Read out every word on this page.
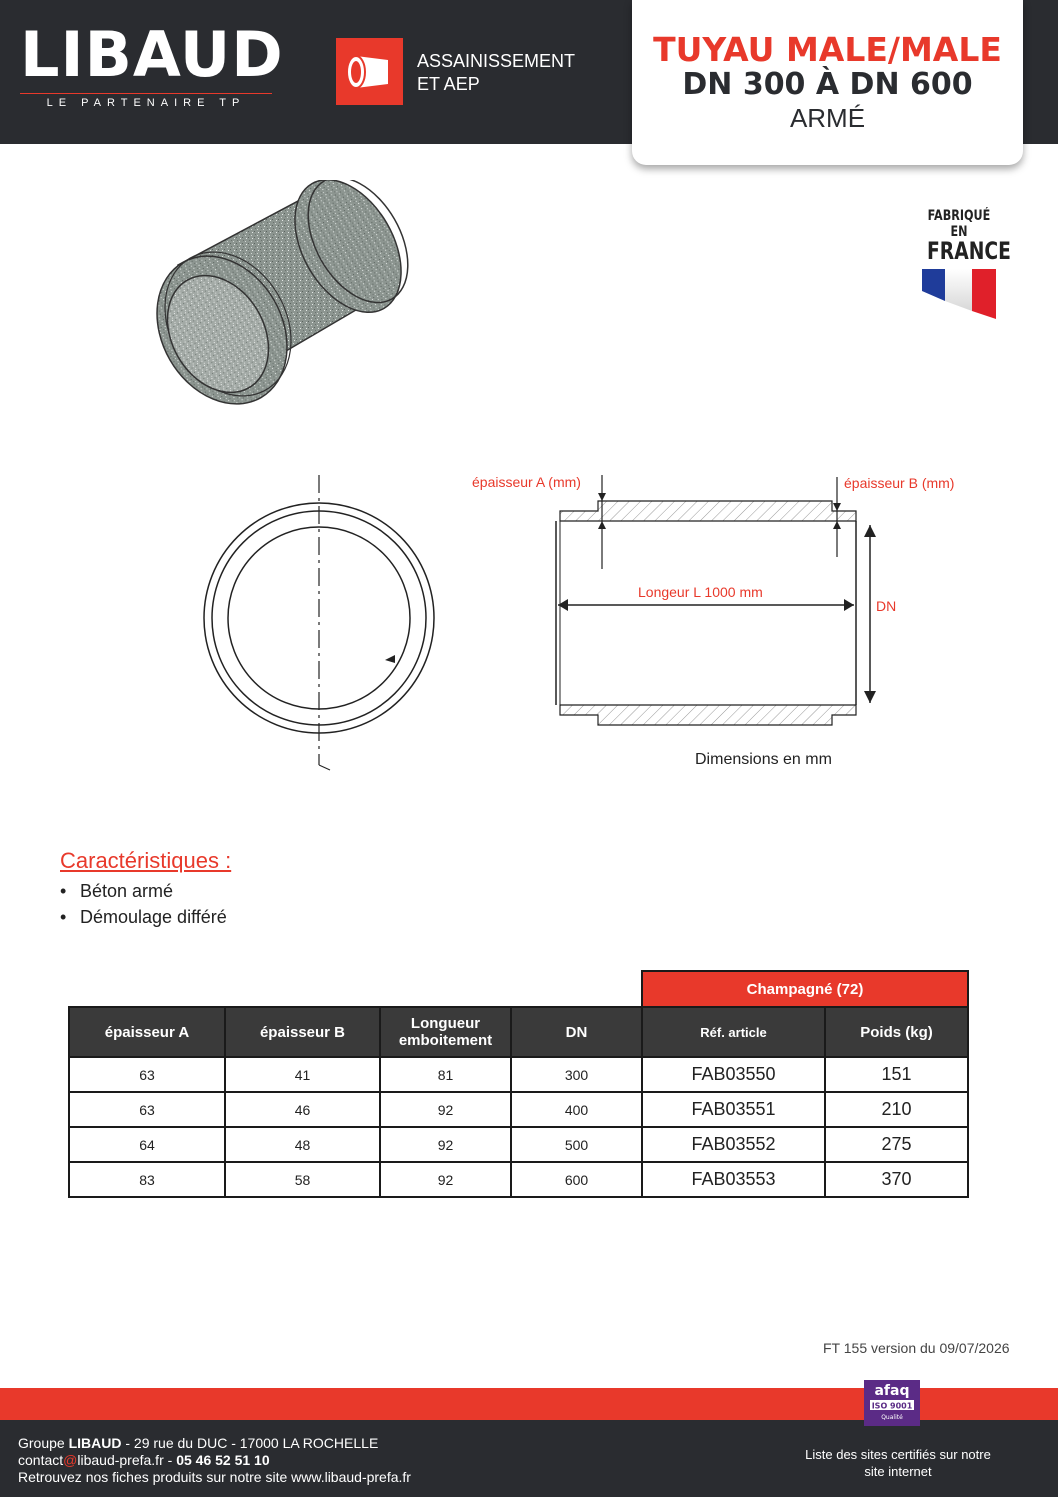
LIBAUD
LE PARTENAIRE TP
ASSAINISSEMENT
ET AEP
TUYAU MALE/MALE
DN 300 À DN 600
ARMÉ
FABRIQUÉ EN
FRANCE
épaisseur A (mm)	épaisseur B (mm)
Longeur L 1000 mm
DN
Dimensions en mm
Caractéristiques :
• Béton armé
• Démoulage différé
				Champagné (72)	
épaisseur A	épaisseur B	Longueur emboitement	DN	Réf. article	Poids (kg)
63	41	81	300	FAB03550	151
63	46	92	400	FAB03551	210
64	48	92	500	FAB03552	275
83	58	92	600	FAB03553	370
FT 155 version du 09/07/2026
Groupe LIBAUD - 29 rue du DUC - 17000 LA ROCHELLE
contact@libaud-prefa.fr - 05 46 52 51 10
Retrouvez nos fiches produits sur notre site www.libaud-prefa.fr
Liste des sites certifiés sur notre
site internet
afaq
ISO 9001
Qualité
